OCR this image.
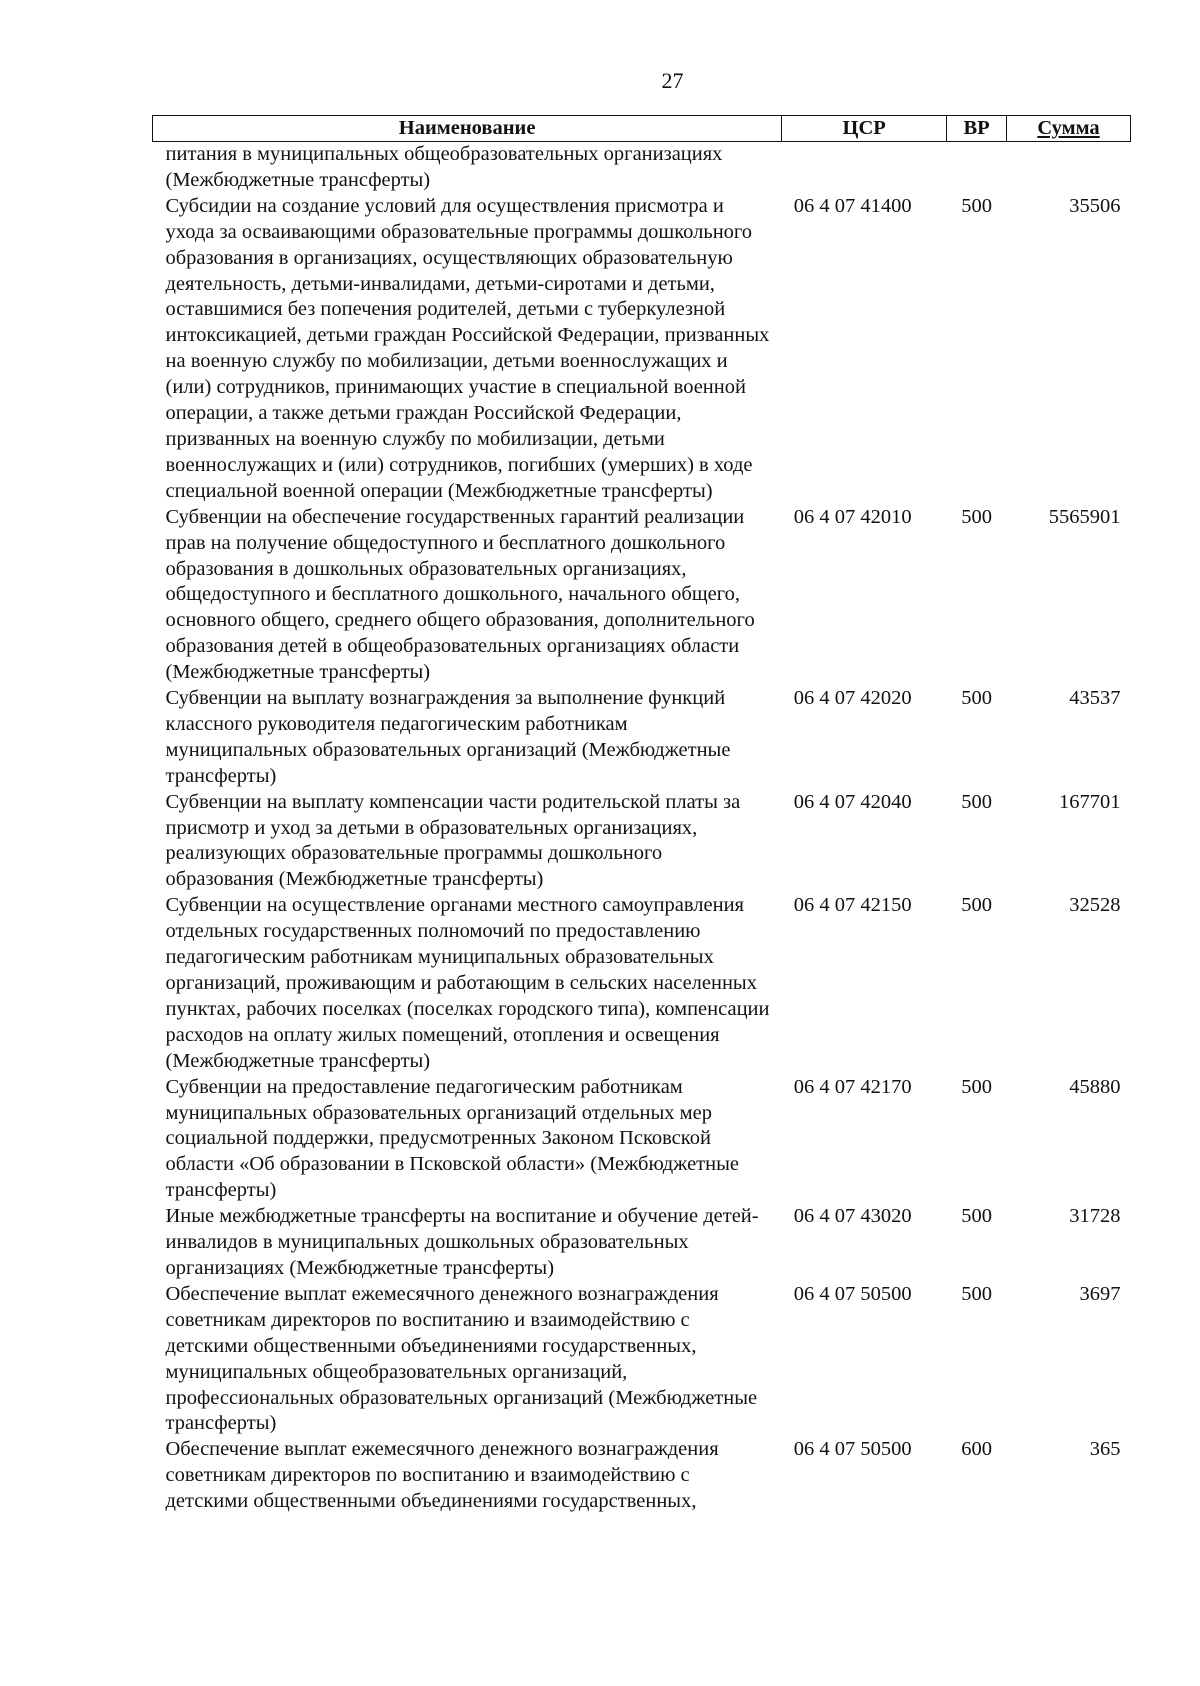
27
Наименование	ЦСР	ВР	Сумма
питания в муниципальных общеобразовательных организациях (Межбюджетные трансферты)			
Субсидии на создание условий для осуществления присмотра и ухода за осваивающими образовательные программы дошкольного образования в организациях, осуществляющих образовательную деятельность, детьми-инвалидами, детьми-сиротами и детьми, оставшимися без попечения родителей, детьми с туберкулезной интоксикацией, детьми граждан Российской Федерации, призванных на военную службу по мобилизации, детьми военнослужащих и (или) сотрудников, принимающих участие в специальной военной операции, а также детьми граждан Российской Федерации, призванных на военную службу по мобилизации, детьми военнослужащих и (или) сотрудников, погибших (умерших) в ходе специальной военной операции (Межбюджетные трансферты)	06 4 07 41400	500	35506
Субвенции на обеспечение государственных гарантий реализации прав на получение общедоступного и бесплатного дошкольного образования в дошкольных образовательных организациях, общедоступного и бесплатного дошкольного, начального общего, основного общего, среднего общего образования, дополнительного образования детей в общеобразовательных организациях области (Межбюджетные трансферты)	06 4 07 42010	500	5565901
Субвенции на выплату вознаграждения за выполнение функций классного руководителя педагогическим работникам муниципальных образовательных организаций (Межбюджетные трансферты)	06 4 07 42020	500	43537
Субвенции на выплату компенсации части родительской платы за присмотр и уход за детьми в образовательных организациях, реализующих образовательные программы дошкольного образования (Межбюджетные трансферты)	06 4 07 42040	500	167701
Субвенции на осуществление органами местного самоуправления отдельных государственных полномочий по предоставлению педагогическим работникам муниципальных образовательных организаций, проживающим и работающим в сельских населенных пунктах, рабочих поселках (поселках городского типа), компенсации расходов на оплату жилых помещений, отопления и освещения (Межбюджетные трансферты)	06 4 07 42150	500	32528
Субвенции на предоставление педагогическим работникам муниципальных образовательных организаций отдельных мер социальной поддержки, предусмотренных Законом Псковской области «Об образовании в Псковской области» (Межбюджетные трансферты)	06 4 07 42170	500	45880
Иные межбюджетные трансферты на воспитание и обучение детей-инвалидов в муниципальных дошкольных образовательных организациях (Межбюджетные трансферты)	06 4 07 43020	500	31728
Обеспечение выплат ежемесячного денежного вознаграждения советникам директоров по воспитанию и взаимодействию с детскими общественными объединениями государственных, муниципальных общеобразовательных организаций, профессиональных образовательных организаций (Межбюджетные трансферты)	06 4 07 50500	500	3697
Обеспечение выплат ежемесячного денежного вознаграждения советникам директоров по воспитанию и взаимодействию с детскими общественными объединениями государственных,	06 4 07 50500	600	365
